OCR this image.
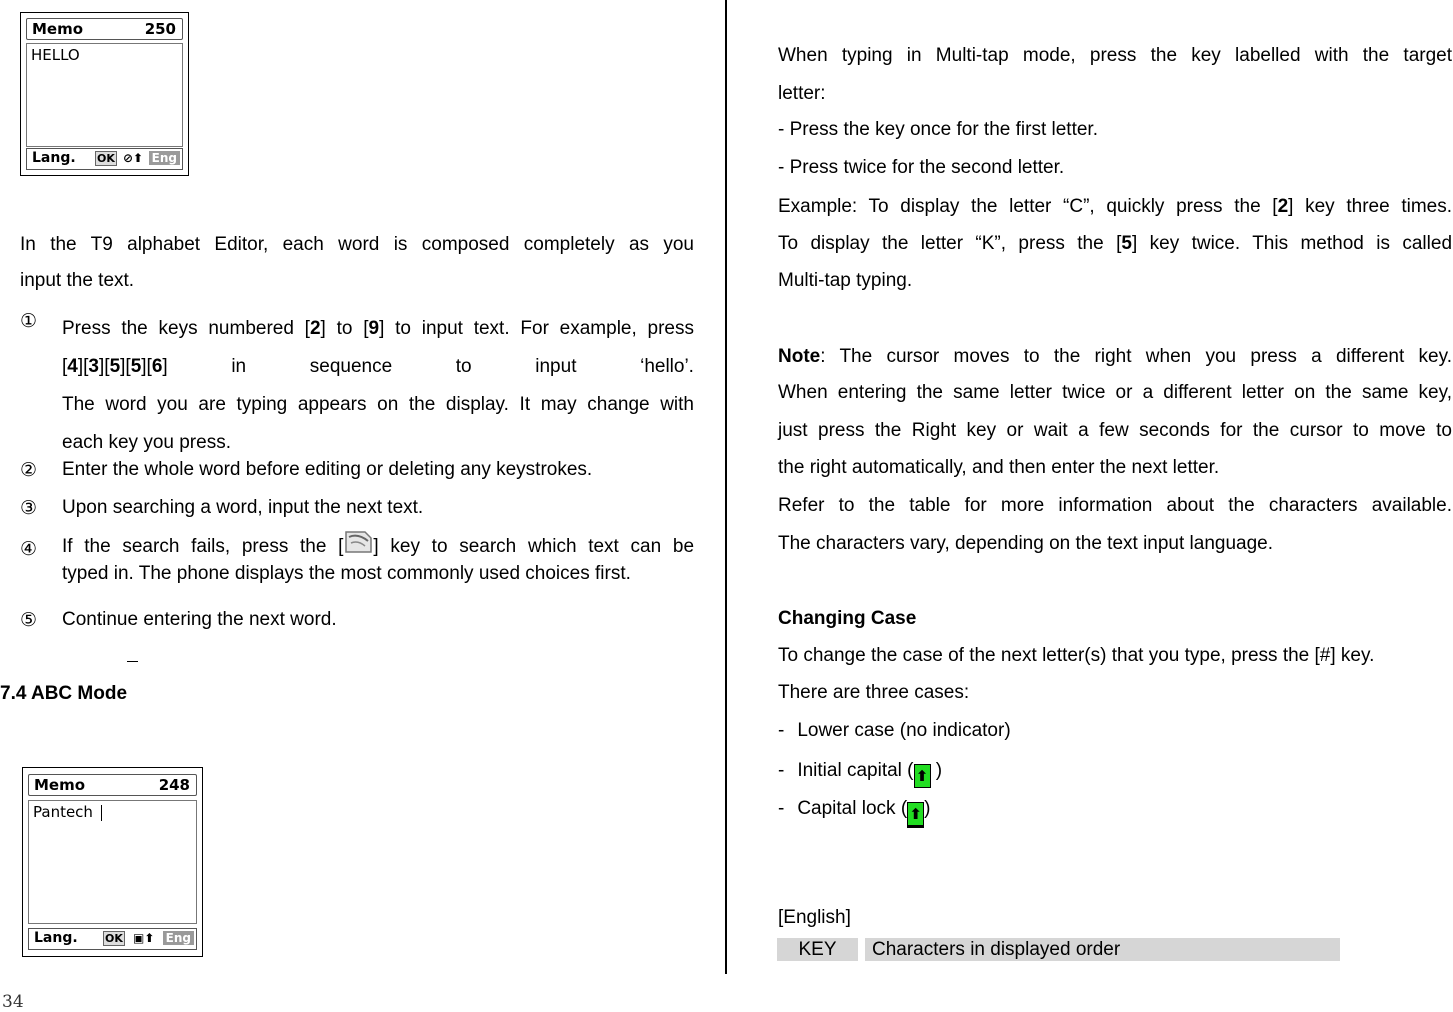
Memo	250
HELLO
Lang. OK ⊘⬆ Eng
In the T9 alphabet Editor, each word is composed completely as you
input the text.
① Press the keys numbered [2] to [9] to input text. For example, press
[4][3][5][5][6]	in	sequence	to	input	‘hello’.
The word you are typing appears on the display. It may change with
each key you press.
② Enter the whole word before editing or deleting any keystrokes.
③ Upon searching a word, input the next text.
④ If the search fails, press the [ ] key to search which text can be
typed in. The phone displays the most commonly used choices first.
⑤ Continue entering the next word.
7.4 ABC Mode
Memo	248
Pantech
Lang. OK ▣⬆ Eng
When typing in Multi-tap mode, press the key labelled with the target
letter:
- Press the key once for the first letter.
- Press twice for the second letter.
Example: To display the letter “C”, quickly press the [2] key three times.
To display the letter “K”, press the [5] key twice. This method is called
Multi-tap typing.
Note: The cursor moves to the right when you press a different key.
When entering the same letter twice or a different letter on the same key,
just press the Right key or wait a few seconds for the cursor to move to
the right automatically, and then enter the next letter.
Refer to the table for more information about the characters available.
The characters vary, depending on the text input language.
Changing Case
To change the case of the next letter(s) that you type, press the [#] key.
There are three cases:
- Lower case (no indicator)
- Initial capital ( ⬆ )
- Capital lock ( ⬆ )
[English]
KEY	Characters in displayed order
34
